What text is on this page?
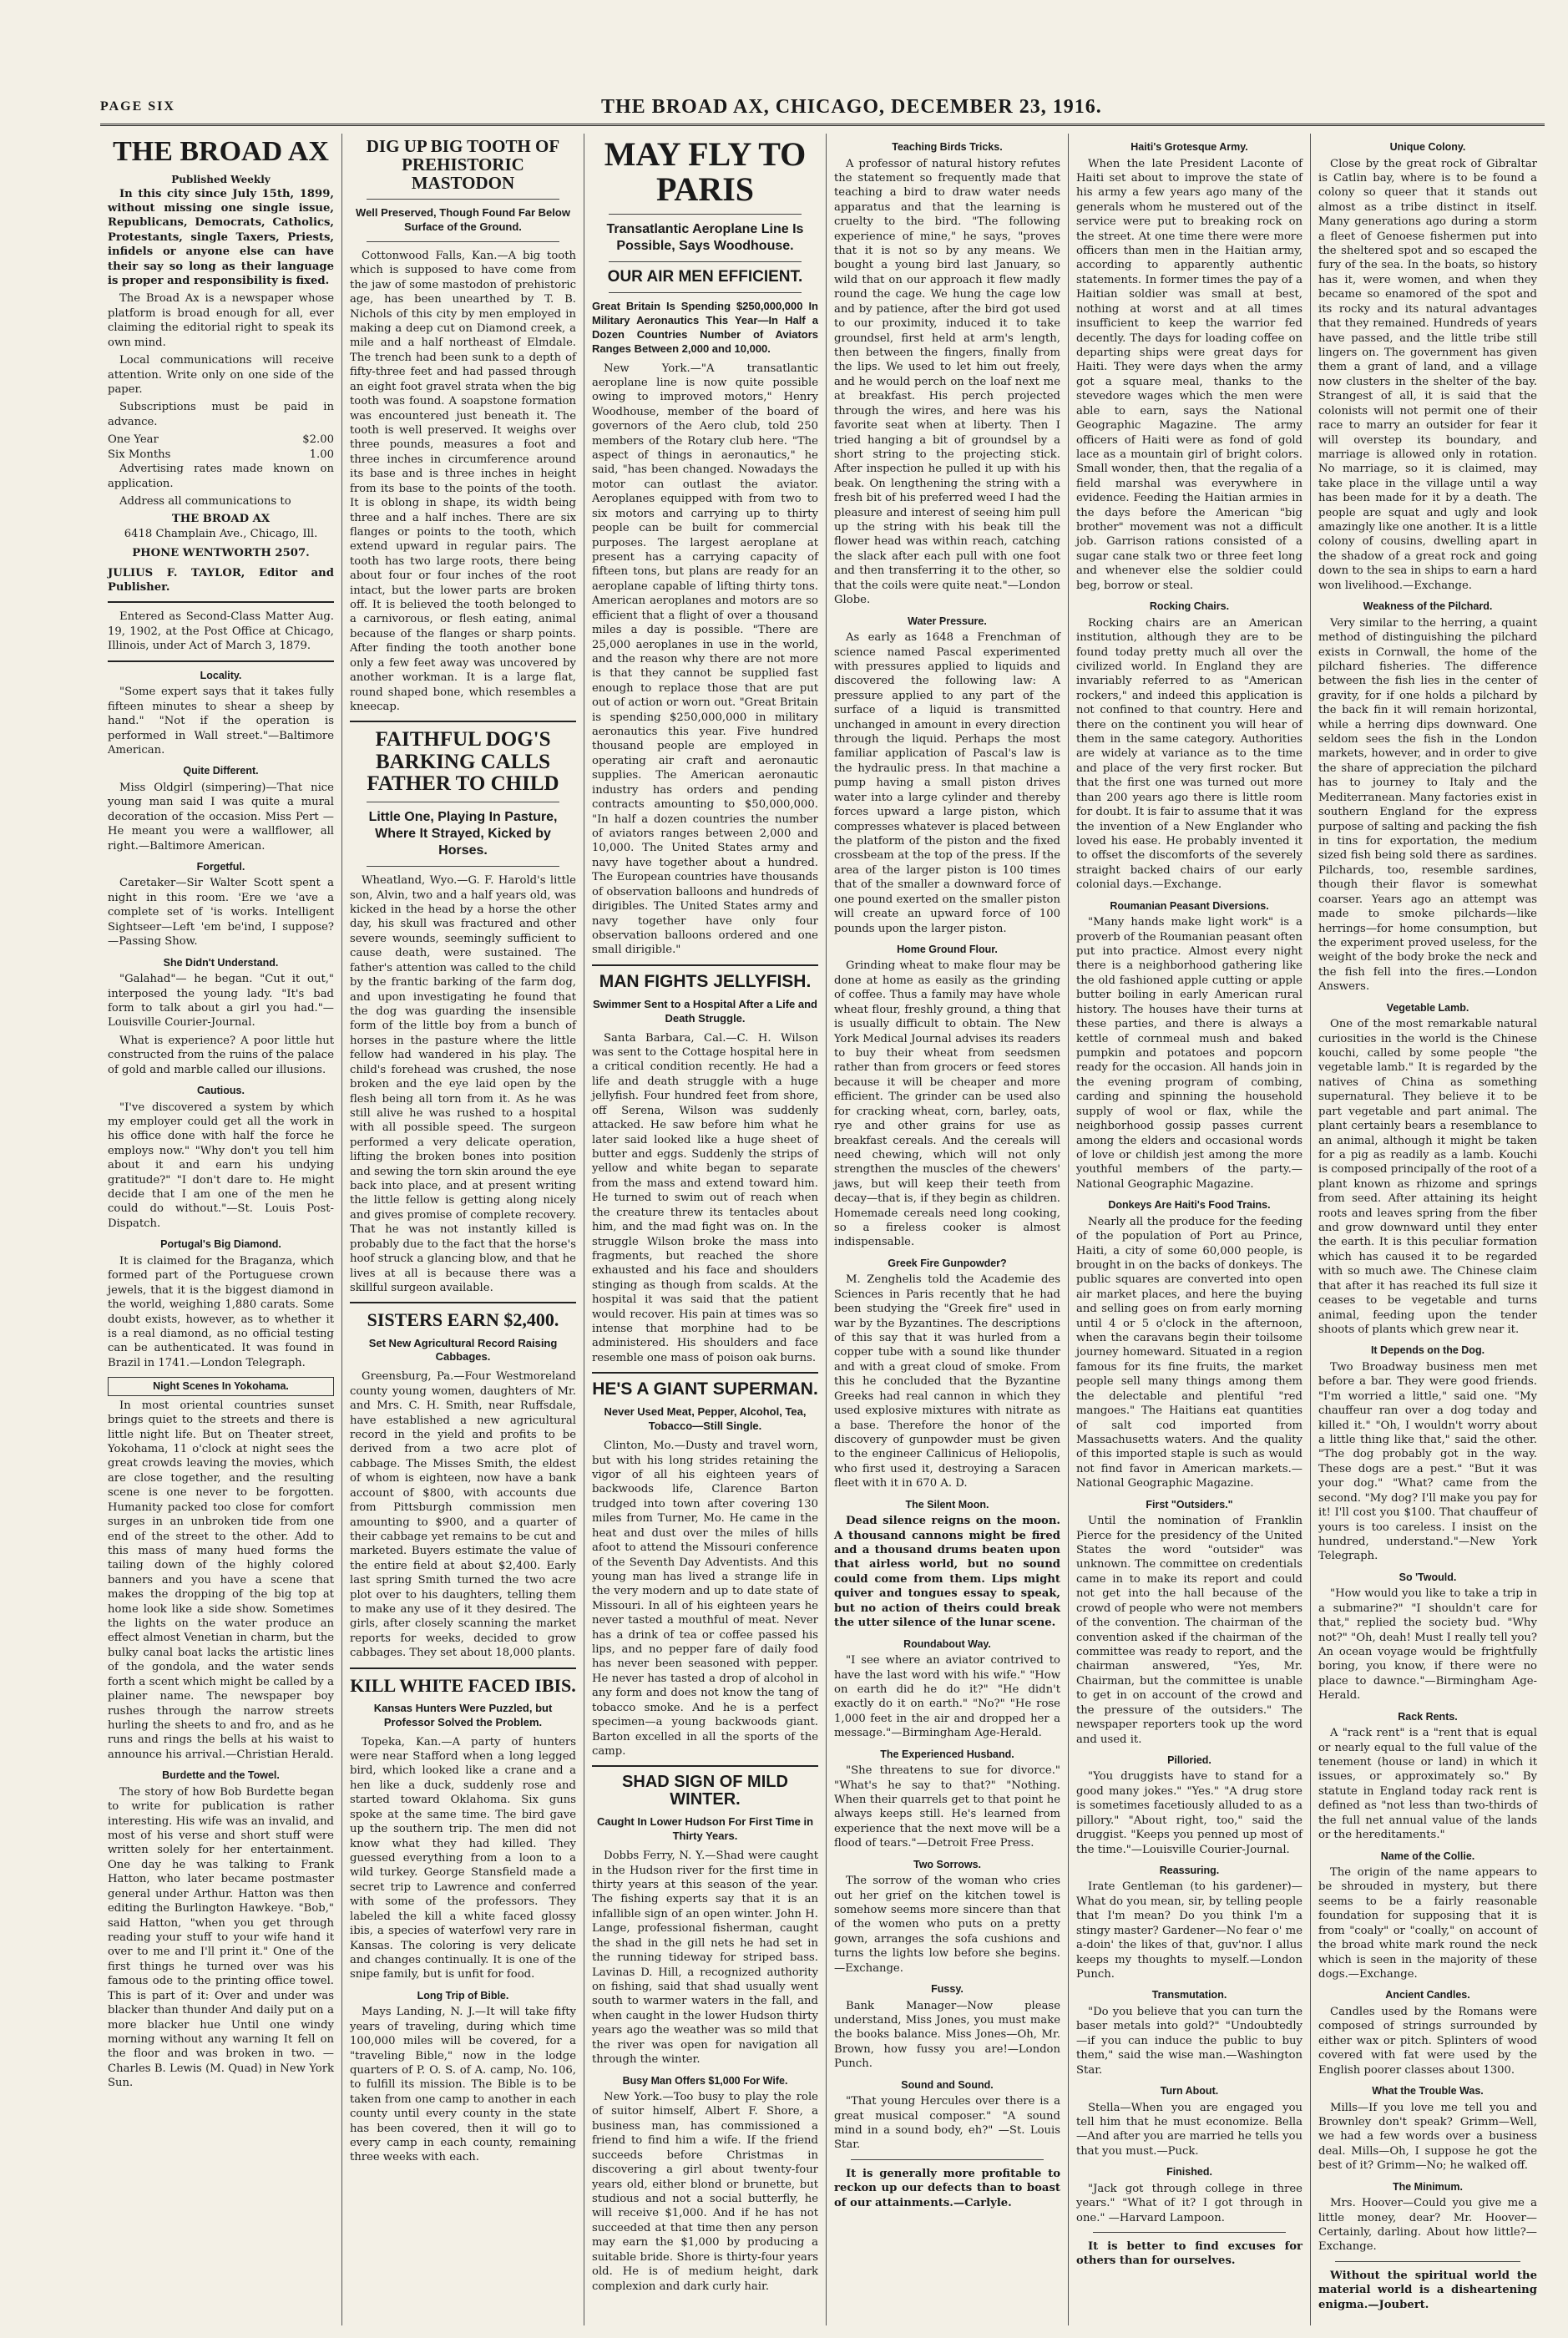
PAGE SIX	THE BROAD AX, CHICAGO, DECEMBER 23, 1916.
THE BROAD AX
Published Weekly

In this city since July 15th, 1899, without missing one single issue, Republicans, Democrats, Catholics, Protestants, single Taxers, Priests, infidels or anyone else can have their say so long as their language is proper and responsibility is fixed.

The Broad Ax is a newspaper whose platform is broad enough for all, ever claiming the editorial right to speak its own mind.

Local communications will receive attention. Write only on one side of the paper.

Subscriptions must be paid in advance.

One Year	$2.00
Six Months	1.00

Advertising rates made known on application.

Address all communications to

THE BROAD AX
6418 Champlain Ave., Chicago, Ill.
PHONE WENTWORTH 2507.

JULIUS F. TAYLOR, Editor and Publisher.

Entered as Second-Class Matter Aug. 19, 1902, at the Post Office at Chicago, Illinois, under Act of March 3, 1879.

Locality.

"Some expert says that it takes fully fifteen minutes to shear a sheep by hand." "Not if the operation is performed in Wall street."—Baltimore American.

Quite Different.

Miss Oldgirl (simpering)—That nice young man said I was quite a mural decoration of the occasion. Miss Pert —He meant you were a wallflower, all right.—Baltimore American.

Forgetful.

Caretaker—Sir Walter Scott spent a night in this room. 'Ere we 'ave a complete set of 'is works. Intelligent Sightseer—Left 'em be'ind, I suppose? —Passing Show.

She Didn't Understand.

"Galahad"— he began. "Cut it out," interposed the young lady. "It's bad form to talk about a girl you had."—Louisville Courier-Journal.

What is experience? A poor little hut constructed from the ruins of the palace of gold and marble called our illusions.

Cautious.

"I've discovered a system by which my employer could get all the work in his office done with half the force he employs now." "Why don't you tell him about it and earn his undying gratitude?" "I don't dare to. He might decide that I am one of the men he could do without."—St. Louis Post-Dispatch.

Portugal's Big Diamond.

It is claimed for the Braganza, which formed part of the Portuguese crown jewels, that it is the biggest diamond in the world, weighing 1,880 carats. Some doubt exists, however, as to whether it is a real diamond, as no official testing can be authenticated. It was found in Brazil in 1741.—London Telegraph.

Night Scenes In Yokohama.

In most oriental countries sunset brings quiet to the streets and there is little night life. But on Theater street, Yokohama, 11 o'clock at night sees the great crowds leaving the movies, which are close together, and the resulting scene is one never to be forgotten. Humanity packed too close for comfort surges in an unbroken tide from one end of the street to the other. Add to this mass of many hued forms the tailing down of the highly colored banners and you have a scene that makes the dropping of the big top at home look like a side show. Sometimes the lights on the water produce an effect almost Venetian in charm, but the bulky canal boat lacks the artistic lines of the gondola, and the water sends forth a scent which might be called by a plainer name. The newspaper boy rushes through the narrow streets hurling the sheets to and fro, and as he runs and rings the bells at his waist to announce his arrival.—Christian Herald.

Burdette and the Towel.

The story of how Bob Burdette began to write for publication is rather interesting. His wife was an invalid, and most of his verse and short stuff were written solely for her entertainment. One day he was talking to Frank Hatton, who later became postmaster general under Arthur. Hatton was then editing the Burlington Hawkeye. "Bob," said Hatton, "when you get through reading your stuff to your wife hand it over to me and I'll print it." One of the first things he turned over was his famous ode to the printing office towel. This is part of it: Over and under was blacker than thunder And daily put on a more blacker hue Until one windy morning without any warning It fell on the floor and was broken in two. —Charles B. Lewis (M. Quad) in New York Sun.

DIG UP BIG TOOTH OF PREHISTORIC MASTODON
Well Preserved, Though Found Far Below Surface of the Ground.

Cottonwood Falls, Kan.—A big tooth which is supposed to have come from the jaw of some mastodon of prehistoric age, has been unearthed by T. B. Nichols of this city by men employed in making a deep cut on Diamond creek, a mile and a half northeast of Elmdale. The trench had been sunk to a depth of fifty-three feet and had passed through an eight foot gravel strata when the big tooth was found. A soapstone formation was encountered just beneath it. The tooth is well preserved. It weighs over three pounds, measures a foot and three inches in circumference around its base and is three inches in height from its base to the points of the tooth. It is oblong in shape, its width being three and a half inches. There are six flanges or points to the tooth, which extend upward in regular pairs. The tooth has two large roots, there being about four or four inches of the root intact, but the lower parts are broken off. It is believed the tooth belonged to a carnivorous, or flesh eating, animal because of the flanges or sharp points. After finding the tooth another bone only a few feet away was uncovered by another workman. It is a large flat, round shaped bone, which resembles a kneecap.

FAITHFUL DOG'S BARKING CALLS FATHER TO CHILD
Little One, Playing In Pasture, Where It Strayed, Kicked by Horses.

Wheatland, Wyo.—G. F. Harold's little son, Alvin, two and a half years old, was kicked in the head by a horse the other day, his skull was fractured and other severe wounds, seemingly sufficient to cause death, were sustained. The father's attention was called to the child by the frantic barking of the farm dog, and upon investigating he found that the dog was guarding the insensible form of the little boy from a bunch of horses in the pasture where the little fellow had wandered in his play. The child's forehead was crushed, the nose broken and the eye laid open by the flesh being all torn from it. As he was still alive he was rushed to a hospital with all possible speed. The surgeon performed a very delicate operation, lifting the broken bones into position and sewing the torn skin around the eye back into place, and at present writing the little fellow is getting along nicely and gives promise of complete recovery. That he was not instantly killed is probably due to the fact that the horse's hoof struck a glancing blow, and that he lives at all is because there was a skillful surgeon available.

SISTERS EARN $2,400.
Set New Agricultural Record Raising Cabbages.

Greensburg, Pa.—Four Westmoreland county young women, daughters of Mr. and Mrs. C. H. Smith, near Ruffsdale, have established a new agricultural record in the yield and profits to be derived from a two acre plot of cabbage. The Misses Smith, the eldest of whom is eighteen, now have a bank account of $800, with accounts due from Pittsburgh commission men amounting to $900, and a quarter of their cabbage yet remains to be cut and marketed. Buyers estimate the value of the entire field at about $2,400. Early last spring Smith turned the two acre plot over to his daughters, telling them to make any use of it they desired. The girls, after closely scanning the market reports for weeks, decided to grow cabbages. They set about 18,000 plants.

KILL WHITE FACED IBIS.
Kansas Hunters Were Puzzled, but Professor Solved the Problem.

Topeka, Kan.—A party of hunters were near Stafford when a long legged bird, which looked like a crane and a hen like a duck, suddenly rose and started toward Oklahoma. Six guns spoke at the same time. The bird gave up the southern trip. The men did not know what they had killed. They guessed everything from a loon to a wild turkey. George Stansfield made a secret trip to Lawrence and conferred with some of the professors. They labeled the kill a white faced glossy ibis, a species of waterfowl very rare in Kansas. The coloring is very delicate and changes continually. It is one of the snipe family, but is unfit for food.

Long Trip of Bible.

Mays Landing, N. J.—It will take fifty years of traveling, during which time 100,000 miles will be covered, for a "traveling Bible," now in the lodge quarters of P. O. S. of A. camp, No. 106, to fulfill its mission. The Bible is to be taken from one camp to another in each county until every county in the state has been covered, then it will go to every camp in each county, remaining three weeks with each.

MAY FLY TO PARIS
Transatlantic Aeroplane Line Is Possible, Says Woodhouse.
OUR AIR MEN EFFICIENT.
Great Britain Is Spending $250,000,000 In Military Aeronautics This Year—In Half a Dozen Countries Number of Aviators Ranges Between 2,000 and 10,000.

New York.—"A transatlantic aeroplane line is now quite possible owing to improved motors," Henry Woodhouse, member of the board of governors of the Aero club, told 250 members of the Rotary club here. "The aspect of things in aeronautics," he said, "has been changed. Nowadays the motor can outlast the aviator. Aeroplanes equipped with from two to six motors and carrying up to thirty people can be built for commercial purposes. The largest aeroplane at present has a carrying capacity of fifteen tons, but plans are ready for an aeroplane capable of lifting thirty tons. American aeroplanes and motors are so efficient that a flight of over a thousand miles a day is possible. "There are 25,000 aeroplanes in use in the world, and the reason why there are not more is that they cannot be supplied fast enough to replace those that are put out of action or worn out. "Great Britain is spending $250,000,000 in military aeronautics this year. Five hundred thousand people are employed in operating air craft and aeronautic supplies. The American aeronautic industry has orders and pending contracts amounting to $50,000,000. "In half a dozen countries the number of aviators ranges between 2,000 and 10,000. The United States army and navy have together about a hundred. The European countries have thousands of observation balloons and hundreds of dirigibles. The United States army and navy together have only four observation balloons ordered and one small dirigible."

MAN FIGHTS JELLYFISH.
Swimmer Sent to a Hospital After a Life and Death Struggle.

Santa Barbara, Cal.—C. H. Wilson was sent to the Cottage hospital here in a critical condition recently. He had a life and death struggle with a huge jellyfish. Four hundred feet from shore, off Serena, Wilson was suddenly attacked. He saw before him what he later said looked like a huge sheet of butter and eggs. Suddenly the strips of yellow and white began to separate from the mass and extend toward him. He turned to swim out of reach when the creature threw its tentacles about him, and the mad fight was on. In the struggle Wilson broke the mass into fragments, but reached the shore exhausted and his face and shoulders stinging as though from scalds. At the hospital it was said that the patient would recover. His pain at times was so intense that morphine had to be administered. His shoulders and face resemble one mass of poison oak burns.

HE'S A GIANT SUPERMAN.
Never Used Meat, Pepper, Alcohol, Tea, Tobacco—Still Single.

Clinton, Mo.—Dusty and travel worn, but with his long strides retaining the vigor of all his eighteen years of backwoods life, Clarence Barton trudged into town after covering 130 miles from Turner, Mo. He came in the heat and dust over the miles of hills afoot to attend the Missouri conference of the Seventh Day Adventists. And this young man has lived a strange life in the very modern and up to date state of Missouri. In all of his eighteen years he never tasted a mouthful of meat. Never has a drink of tea or coffee passed his lips, and no pepper fare of daily food has never been seasoned with pepper. He never has tasted a drop of alcohol in any form and does not know the tang of tobacco smoke. And he is a perfect specimen—a young backwoods giant. Barton excelled in all the sports of the camp.

SHAD SIGN OF MILD WINTER.
Caught In Lower Hudson For First Time in Thirty Years.

Dobbs Ferry, N. Y.—Shad were caught in the Hudson river for the first time in thirty years at this season of the year. The fishing experts say that it is an infallible sign of an open winter. John H. Lange, professional fisherman, caught the shad in the gill nets he had set in the running tideway for striped bass. Lavinas D. Hill, a recognized authority on fishing, said that shad usually went south to warmer waters in the fall, and when caught in the lower Hudson thirty years ago the weather was so mild that the river was open for navigation all through the winter.

Busy Man Offers $1,000 For Wife.

New York.—Too busy to play the role of suitor himself, Albert F. Shore, a business man, has commissioned a friend to find him a wife. If the friend succeeds before Christmas in discovering a girl about twenty-four years old, either blond or brunette, but studious and not a social butterfly, he will receive $1,000. And if he has not succeeded at that time then any person may earn the $1,000 by producing a suitable bride. Shore is thirty-four years old. He is of medium height, dark complexion and dark curly hair.

Teaching Birds Tricks.

A professor of natural history refutes the statement so frequently made that teaching a bird to draw water needs apparatus and that the learning is cruelty to the bird. "The following experience of mine," he says, "proves that it is not so by any means. We bought a young bird last January, so wild that on our approach it flew madly round the cage. We hung the cage low and by patience, after the bird got used to our proximity, induced it to take groundsel, first held at arm's length, then between the fingers, finally from the lips. We used to let him out freely, and he would perch on the loaf next me at breakfast. His perch projected through the wires, and here was his favorite seat when at liberty. Then I tried hanging a bit of groundsel by a short string to the projecting stick. After inspection he pulled it up with his beak. On lengthening the string with a fresh bit of his preferred weed I had the pleasure and interest of seeing him pull up the string with his beak till the flower head was within reach, catching the slack after each pull with one foot and then transferring it to the other, so that the coils were quite neat."—London Globe.

Water Pressure.

As early as 1648 a Frenchman of science named Pascal experimented with pressures applied to liquids and discovered the following law: A pressure applied to any part of the surface of a liquid is transmitted unchanged in amount in every direction through the liquid. Perhaps the most familiar application of Pascal's law is the hydraulic press. In that machine a pump having a small piston drives water into a large cylinder and thereby forces upward a large piston, which compresses whatever is placed between the platform of the piston and the fixed crossbeam at the top of the press. If the area of the larger piston is 100 times that of the smaller a downward force of one pound exerted on the smaller piston will create an upward force of 100 pounds upon the larger piston.

Home Ground Flour.

Grinding wheat to make flour may be done at home as easily as the grinding of coffee. Thus a family may have whole wheat flour, freshly ground, a thing that is usually difficult to obtain. The New York Medical Journal advises its readers to buy their wheat from seedsmen rather than from grocers or feed stores because it will be cheaper and more efficient. The grinder can be used also for cracking wheat, corn, barley, oats, rye and other grains for use as breakfast cereals. And the cereals will need chewing, which will not only strengthen the muscles of the chewers' jaws, but will keep their teeth from decay—that is, if they begin as children. Homemade cereals need long cooking, so a fireless cooker is almost indispensable.

Greek Fire Gunpowder?

M. Zenghelis told the Academie des Sciences in Paris recently that he had been studying the "Greek fire" used in war by the Byzantines. The descriptions of this say that it was hurled from a copper tube with a sound like thunder and with a great cloud of smoke. From this he concluded that the Byzantine Greeks had real cannon in which they used explosive mixtures with nitrate as a base. Therefore the honor of the discovery of gunpowder must be given to the engineer Callinicus of Heliopolis, who first used it, destroying a Saracen fleet with it in 670 A. D.

The Silent Moon.

Dead silence reigns on the moon. A thousand cannons might be fired and a thousand drums beaten upon that airless world, but no sound could come from them. Lips might quiver and tongues essay to speak, but no action of theirs could break the utter silence of the lunar scene.

Roundabout Way.

"I see where an aviator contrived to have the last word with his wife." "How on earth did he do it?" "He didn't exactly do it on earth." "No?" "He rose 1,000 feet in the air and dropped her a message."—Birmingham Age-Herald.

The Experienced Husband.

"She threatens to sue for divorce." "What's he say to that?" "Nothing. When their quarrels get to that point he always keeps still. He's learned from experience that the next move will be a flood of tears."—Detroit Free Press.

Two Sorrows.

The sorrow of the woman who cries out her grief on the kitchen towel is somehow seems more sincere than that of the women who puts on a pretty gown, arranges the sofa cushions and turns the lights low before she begins. —Exchange.

Fussy.

Bank Manager—Now please understand, Miss Jones, you must make the books balance. Miss Jones—Oh, Mr. Brown, how fussy you are!—London Punch.

Sound and Sound.

"That young Hercules over there is a great musical composer." "A sound mind in a sound body, eh?" —St. Louis Star.

It is generally more profitable to reckon up our defects than to boast of our attainments.—Carlyle.

Haiti's Grotesque Army.

When the late President Laconte of Haiti set about to improve the state of his army a few years ago many of the generals whom he mustered out of the service were put to breaking rock on the street. At one time there were more officers than men in the Haitian army, according to apparently authentic statements. In former times the pay of a Haitian soldier was small at best, nothing at worst and at all times insufficient to keep the warrior fed decently. The days for loading coffee on departing ships were great days for Haiti. They were days when the army got a square meal, thanks to the stevedore wages which the men were able to earn, says the National Geographic Magazine. The army officers of Haiti were as fond of gold lace as a mountain girl of bright colors. Small wonder, then, that the regalia of a field marshal was everywhere in evidence. Feeding the Haitian armies in the days before the American "big brother" movement was not a difficult job. Garrison rations consisted of a sugar cane stalk two or three feet long and whenever else the soldier could beg, borrow or steal.

Rocking Chairs.

Rocking chairs are an American institution, although they are to be found today pretty much all over the civilized world. In England they are invariably referred to as "American rockers," and indeed this application is not confined to that country. Here and there on the continent you will hear of them in the same category. Authorities are widely at variance as to the time and place of the very first rocker. But that the first one was turned out more than 200 years ago there is little room for doubt. It is fair to assume that it was the invention of a New Englander who loved his ease. He probably invented it to offset the discomforts of the severely straight backed chairs of our early colonial days.—Exchange.

Roumanian Peasant Diversions.

"Many hands make light work" is a proverb of the Roumanian peasant often put into practice. Almost every night there is a neighborhood gathering like the old fashioned apple cutting or apple butter boiling in early American rural history. The houses have their turns at these parties, and there is always a kettle of cornmeal mush and baked pumpkin and potatoes and popcorn ready for the occasion. All hands join in the evening program of combing, carding and spinning the household supply of wool or flax, while the neighborhood gossip passes current among the elders and occasional words of love or childish jest among the more youthful members of the party.—National Geographic Magazine.

Donkeys Are Haiti's Food Trains.

Nearly all the produce for the feeding of the population of Port au Prince, Haiti, a city of some 60,000 people, is brought in on the backs of donkeys. The public squares are converted into open air market places, and here the buying and selling goes on from early morning until 4 or 5 o'clock in the afternoon, when the caravans begin their toilsome journey homeward. Situated in a region famous for its fine fruits, the market people sell many things among them the delectable and plentiful "red mangoes." The Haitians eat quantities of salt cod imported from Massachusetts waters. And the quality of this imported staple is such as would not find favor in American markets.—National Geographic Magazine.

First "Outsiders."

Until the nomination of Franklin Pierce for the presidency of the United States the word "outsider" was unknown. The committee on credentials came in to make its report and could not get into the hall because of the crowd of people who were not members of the convention. The chairman of the convention asked if the chairman of the committee was ready to report, and the chairman answered, "Yes, Mr. Chairman, but the committee is unable to get in on account of the crowd and the pressure of the outsiders." The newspaper reporters took up the word and used it.

Pilloried.

"You druggists have to stand for a good many jokes." "Yes." "A drug store is sometimes facetiously alluded to as a pillory." "About right, too," said the druggist. "Keeps you penned up most of the time."—Louisville Courier-Journal.

Reassuring.

Irate Gentleman (to his gardener)—What do you mean, sir, by telling people that I'm mean? Do you think I'm a stingy master? Gardener—No fear o' me a-doin' the likes of that, guv'nor. I allus keeps my thoughts to myself.—London Punch.

Transmutation.

"Do you believe that you can turn the baser metals into gold?" "Undoubtedly—if you can induce the public to buy them," said the wise man.—Washington Star.

Turn About.

Stella—When you are engaged you tell him that he must economize. Bella —And after you are married he tells you that you must.—Puck.

Finished.

"Jack got through college in three years." "What of it? I got through in one." —Harvard Lampoon.

It is better to find excuses for others than for ourselves.

Unique Colony.

Close by the great rock of Gibraltar is Catlin bay, where is to be found a colony so queer that it stands out almost as a tribe distinct in itself. Many generations ago during a storm a fleet of Genoese fishermen put into the sheltered spot and so escaped the fury of the sea. In the boats, so history has it, were women, and when they became so enamored of the spot and its rocky and its natural advantages that they remained. Hundreds of years have passed, and the little tribe still lingers on. The government has given them a grant of land, and a village now clusters in the shelter of the bay. Strangest of all, it is said that the colonists will not permit one of their race to marry an outsider for fear it will overstep its boundary, and marriage is allowed only in rotation. No marriage, so it is claimed, may take place in the village until a way has been made for it by a death. The people are squat and ugly and look amazingly like one another. It is a little colony of cousins, dwelling apart in the shadow of a great rock and going down to the sea in ships to earn a hard won livelihood.—Exchange.

Weakness of the Pilchard.

Very similar to the herring, a quaint method of distinguishing the pilchard exists in Cornwall, the home of the pilchard fisheries. The difference between the fish lies in the center of gravity, for if one holds a pilchard by the back fin it will remain horizontal, while a herring dips downward. One seldom sees the fish in the London markets, however, and in order to give the share of appreciation the pilchard has to journey to Italy and the Mediterranean. Many factories exist in southern England for the express purpose of salting and packing the fish in tins for exportation, the medium sized fish being sold there as sardines. Pilchards, too, resemble sardines, though their flavor is somewhat coarser. Years ago an attempt was made to smoke pilchards—like herrings—for home consumption, but the experiment proved useless, for the weight of the body broke the neck and the fish fell into the fires.—London Answers.

Vegetable Lamb.

One of the most remarkable natural curiosities in the world is the Chinese kouchi, called by some people "the vegetable lamb." It is regarded by the natives of China as something supernatural. They believe it to be part vegetable and part animal. The plant certainly bears a resemblance to an animal, although it might be taken for a pig as readily as a lamb. Kouchi is composed principally of the root of a plant known as rhizome and springs from seed. After attaining its height roots and leaves spring from the fiber and grow downward until they enter the earth. It is this peculiar formation which has caused it to be regarded with so much awe. The Chinese claim that after it has reached its full size it ceases to be vegetable and turns animal, feeding upon the tender shoots of plants which grew near it.

It Depends on the Dog.

Two Broadway business men met before a bar. They were good friends. "I'm worried a little," said one. "My chauffeur ran over a dog today and killed it." "Oh, I wouldn't worry about a little thing like that," said the other. "The dog probably got in the way. These dogs are a pest." "But it was your dog." "What? came from the second. "My dog? I'll make you pay for it! I'll cost you $100. That chauffeur of yours is too careless. I insist on the hundred, understand."—New York Telegraph.

So 'Twould.

"How would you like to take a trip in a submarine?" "I shouldn't care for that," replied the society bud. "Why not?" "Oh, deah! Must I really tell you? An ocean voyage would be frightfully boring, you know, if there were no place to dawnce."—Birmingham Age-Herald.

Rack Rents.

A "rack rent" is a "rent that is equal or nearly equal to the full value of the tenement (house or land) in which it issues, or approximately so." By statute in England today rack rent is defined as "not less than two-thirds of the full net annual value of the lands or the hereditaments."

Name of the Collie.

The origin of the name appears to be shrouded in mystery, but there seems to be a fairly reasonable foundation for supposing that it is from "coaly" or "coally," on account of the broad white mark round the neck which is seen in the majority of these dogs.—Exchange.

Ancient Candles.

Candles used by the Romans were composed of strings surrounded by either wax or pitch. Splinters of wood covered with fat were used by the English poorer classes about 1300.

What the Trouble Was.

Mills—If you love me tell you and Brownley don't speak? Grimm—Well, we had a few words over a business deal. Mills—Oh, I suppose he got the best of it? Grimm—No; he walked off.

The Minimum.

Mrs. Hoover—Could you give me a little money, dear? Mr. Hoover—Certainly, darling. About how little?—Exchange.

Without the spiritual world the material world is a disheartening enigma.—Joubert.
